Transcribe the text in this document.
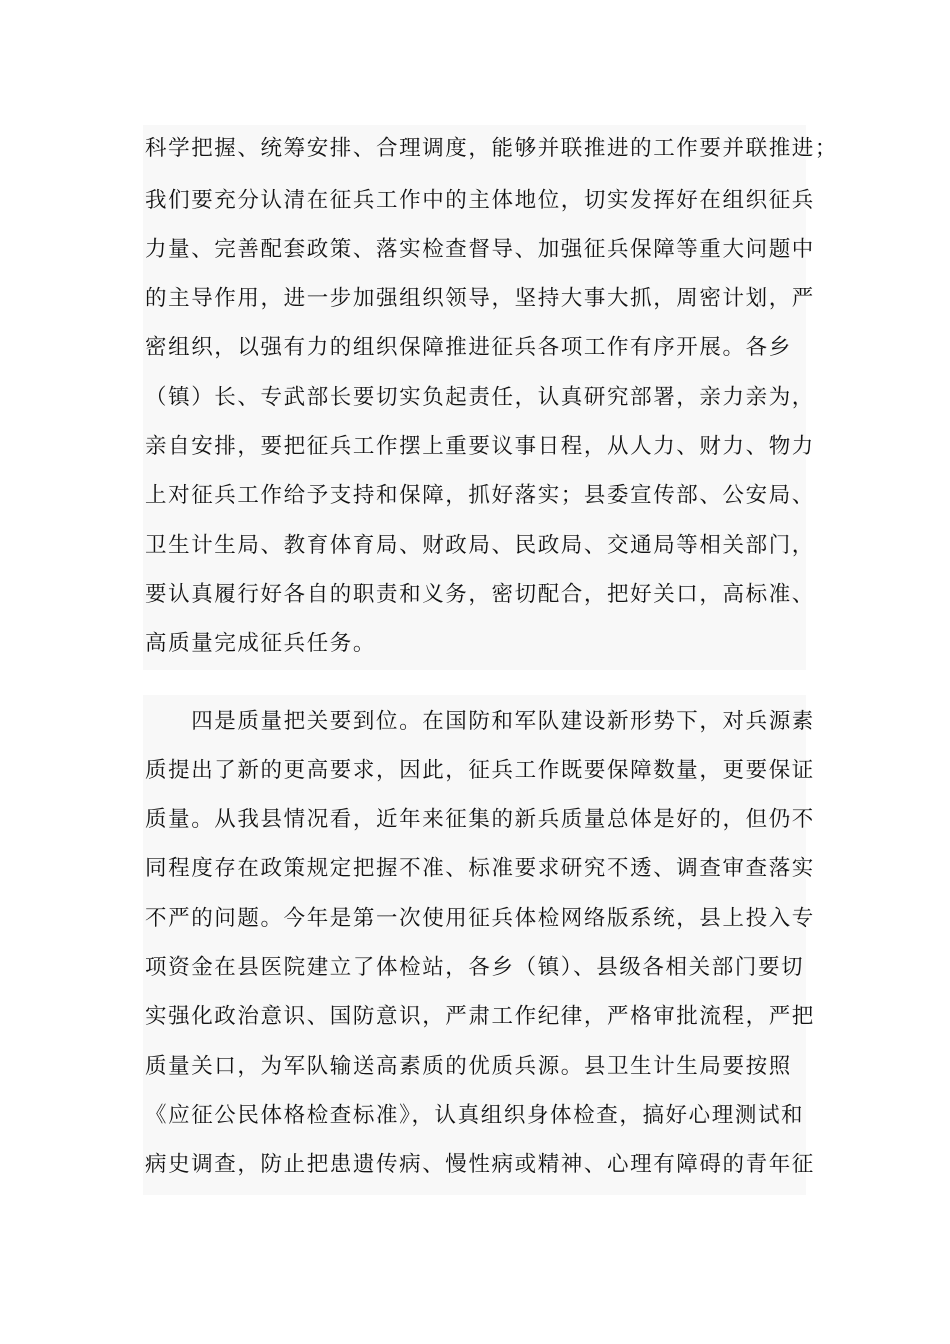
科学把握、统筹安排、合理调度，能够并联推进的工作要并联推进；
我们要充分认清在征兵工作中的主体地位，切实发挥好在组织征兵
力量、完善配套政策、落实检查督导、加强征兵保障等重大问题中
的主导作用，进一步加强组织领导，坚持大事大抓，周密计划，严
密组织，以强有力的组织保障推进征兵各项工作有序开展。各乡
（镇）长、专武部长要切实负起责任，认真研究部署，亲力亲为，
亲自安排，要把征兵工作摆上重要议事日程，从人力、财力、物力
上对征兵工作给予支持和保障，抓好落实；县委宣传部、公安局、
卫生计生局、教育体育局、财政局、民政局、交通局等相关部门，
要认真履行好各自的职责和义务，密切配合，把好关口，高标准、
高质量完成征兵任务。
　　四是质量把关要到位。在国防和军队建设新形势下，对兵源素
质提出了新的更高要求，因此，征兵工作既要保障数量，更要保证
质量。从我县情况看，近年来征集的新兵质量总体是好的，但仍不
同程度存在政策规定把握不准、标准要求研究不透、调查审查落实
不严的问题。今年是第一次使用征兵体检网络版系统，县上投入专
项资金在县医院建立了体检站，各乡（镇）、县级各相关部门要切
实强化政治意识、国防意识，严肃工作纪律，严格审批流程，严把
质量关口，为军队输送高素质的优质兵源。县卫生计生局要按照
《应征公民体格检查标准》，认真组织身体检查，搞好心理测试和
病史调查，防止把患遗传病、慢性病或精神、心理有障碍的青年征
